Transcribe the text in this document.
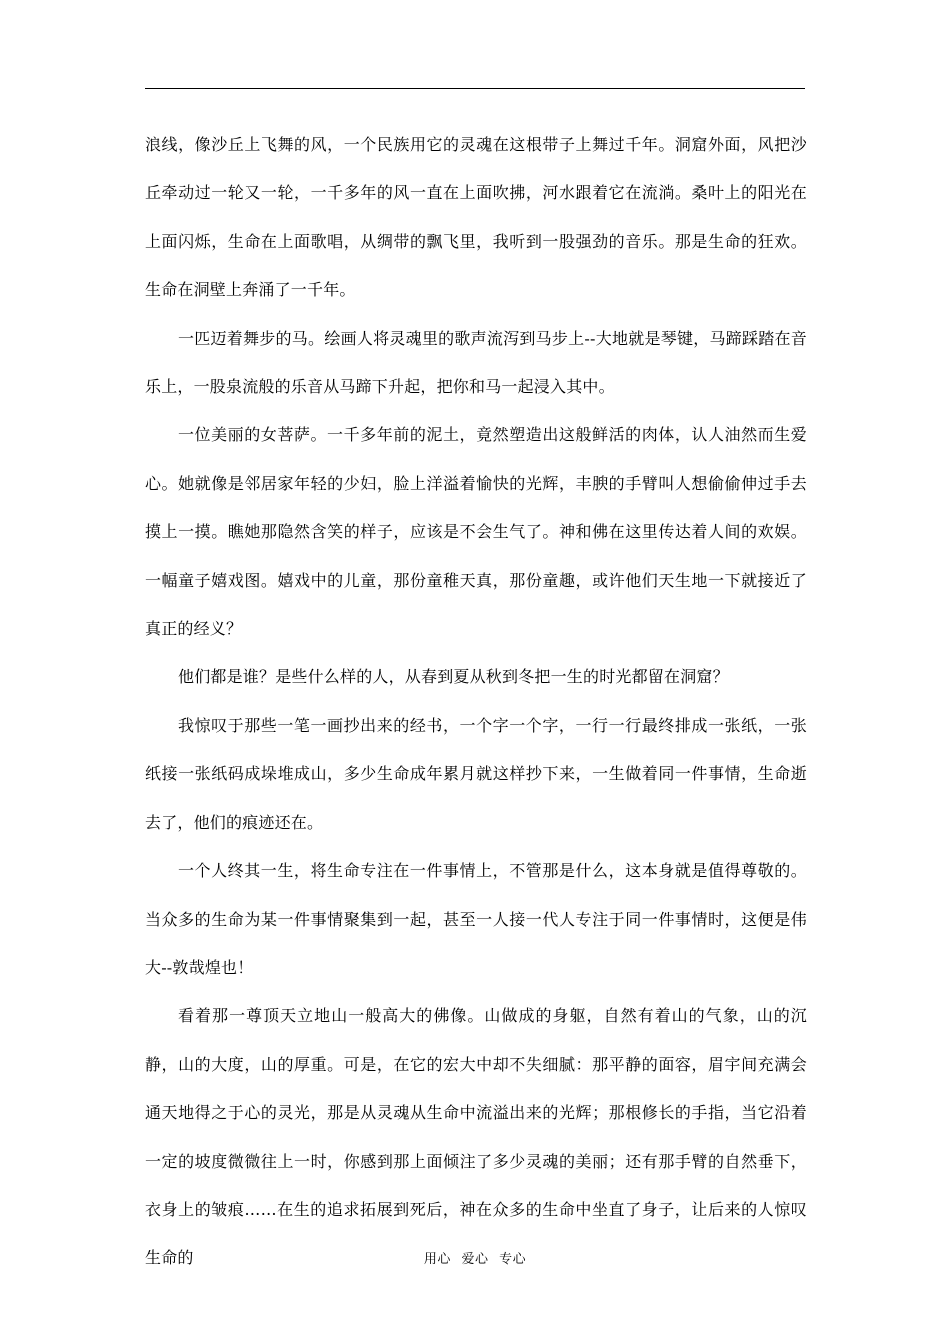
浪线，像沙丘上飞舞的风，一个民族用它的灵魂在这根带子上舞过千年。洞窟外面，风把沙丘牵动过一轮又一轮，一千多年的风一直在上面吹拂，河水跟着它在流淌。桑叶上的阳光在上面闪烁，生命在上面歌唱，从绸带的飘飞里，我听到一股强劲的音乐。那是生命的狂欢。生命在洞壁上奔涌了一千年。

一匹迈着舞步的马。绘画人将灵魂里的歌声流泻到马步上--大地就是琴键，马蹄踩踏在音乐上，一股泉流般的乐音从马蹄下升起，把你和马一起浸入其中。

一位美丽的女菩萨。一千多年前的泥土，竟然塑造出这般鲜活的肉体，认人油然而生爱心。她就像是邻居家年轻的少妇，脸上洋溢着愉快的光辉，丰腴的手臂叫人想偷偷伸过手去摸上一摸。瞧她那隐然含笑的样子，应该是不会生气了。神和佛在这里传达着人间的欢娱。一幅童子嬉戏图。嬉戏中的儿童，那份童稚天真，那份童趣，或许他们天生地一下就接近了真正的经义？

他们都是谁？是些什么样的人，从春到夏从秋到冬把一生的时光都留在洞窟？

我惊叹于那些一笔一画抄出来的经书，一个字一个字，一行一行最终排成一张纸，一张纸接一张纸码成垛堆成山，多少生命成年累月就这样抄下来，一生做着同一件事情，生命逝去了，他们的痕迹还在。

一个人终其一生，将生命专注在一件事情上，不管那是什么，这本身就是值得尊敬的。当众多的生命为某一件事情聚集到一起，甚至一人接一代人专注于同一件事情时，这便是伟大--敦哉煌也！

看着那一尊顶天立地山一般高大的佛像。山做成的身躯，自然有着山的气象，山的沉静，山的大度，山的厚重。可是，在它的宏大中却不失细腻：那平静的面容，眉宇间充满会通天地得之于心的灵光，那是从灵魂从生命中流溢出来的光辉；那根修长的手指，当它沿着一定的坡度微微往上一时，你感到那上面倾注了多少灵魂的美丽；还有那手臂的自然垂下，衣身上的皱痕……在生的追求拓展到死后，神在众多的生命中坐直了身子，让后来的人惊叹生命的	用心 爱心 专心
